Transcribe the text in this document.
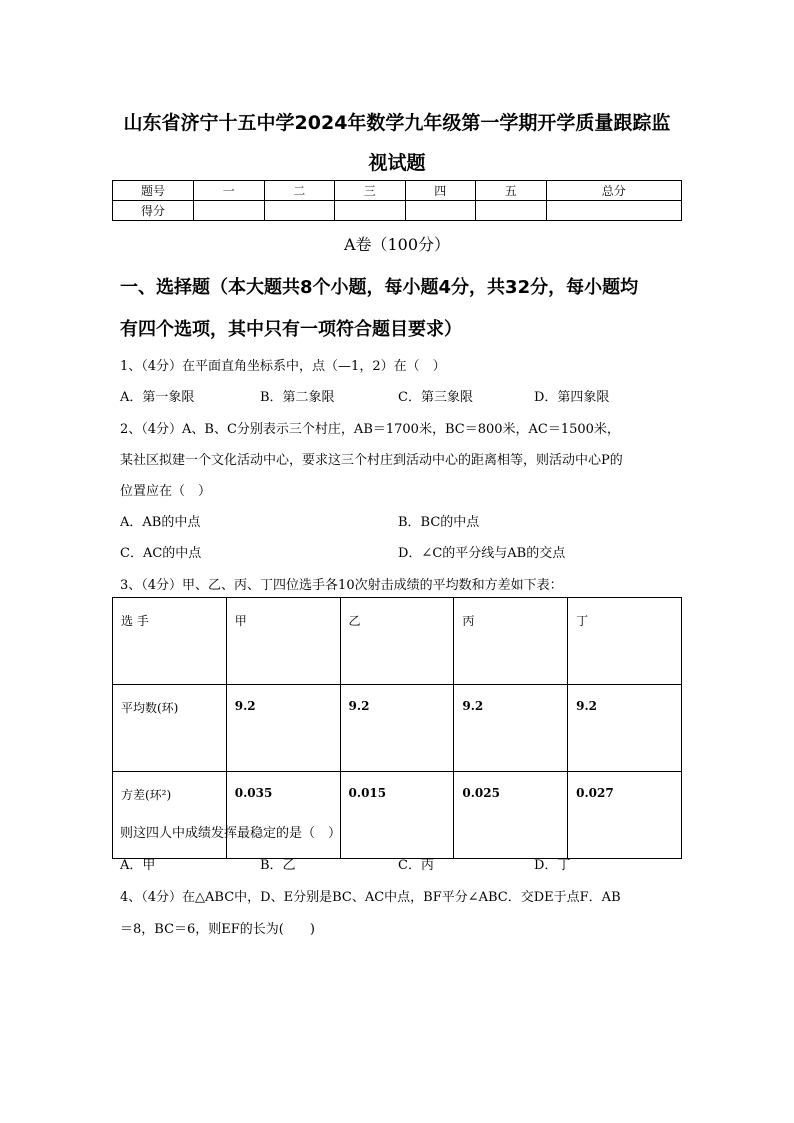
山东省济宁十五中学2024年数学九年级第一学期开学质量跟踪监
视试题
题号	一	二	三	四	五	总分
得分						
A卷（100分）
一、选择题（本大题共8个小题，每小题4分，共32分，每小题均
有四个选项，其中只有一项符合题目要求）
1、（4分）在平面直角坐标系中，点（—1，2）在（　）
A．第一象限	B．第二象限	C．第三象限	D．第四象限
2、（4分）A、B、C分别表示三个村庄，AB＝1700米，BC＝800米，AC＝1500米，
某社区拟建一个文化活动中心，要求这三个村庄到活动中心的距离相等，则活动中心P的
位置应在（　）
A．AB的中点	B．BC的中点
C．AC的中点	D．∠C的平分线与AB的交点
3、（4分）甲、乙、丙、丁四位选手各10次射击成绩的平均数和方差如下表：
选 手	甲	乙	丙	丁
平均数(环)	9.2	9.2	9.2	9.2
方差(环²)	0.035	0.015	0.025	0.027
则这四人中成绩发挥最稳定的是（　）
A．甲	B．乙	C．丙	D．丁
4、（4分）在△ABC中，D、E分别是BC、AC中点，BF平分∠ABC．交DE于点F．AB
＝8，BC＝6，则EF的长为(　　)
